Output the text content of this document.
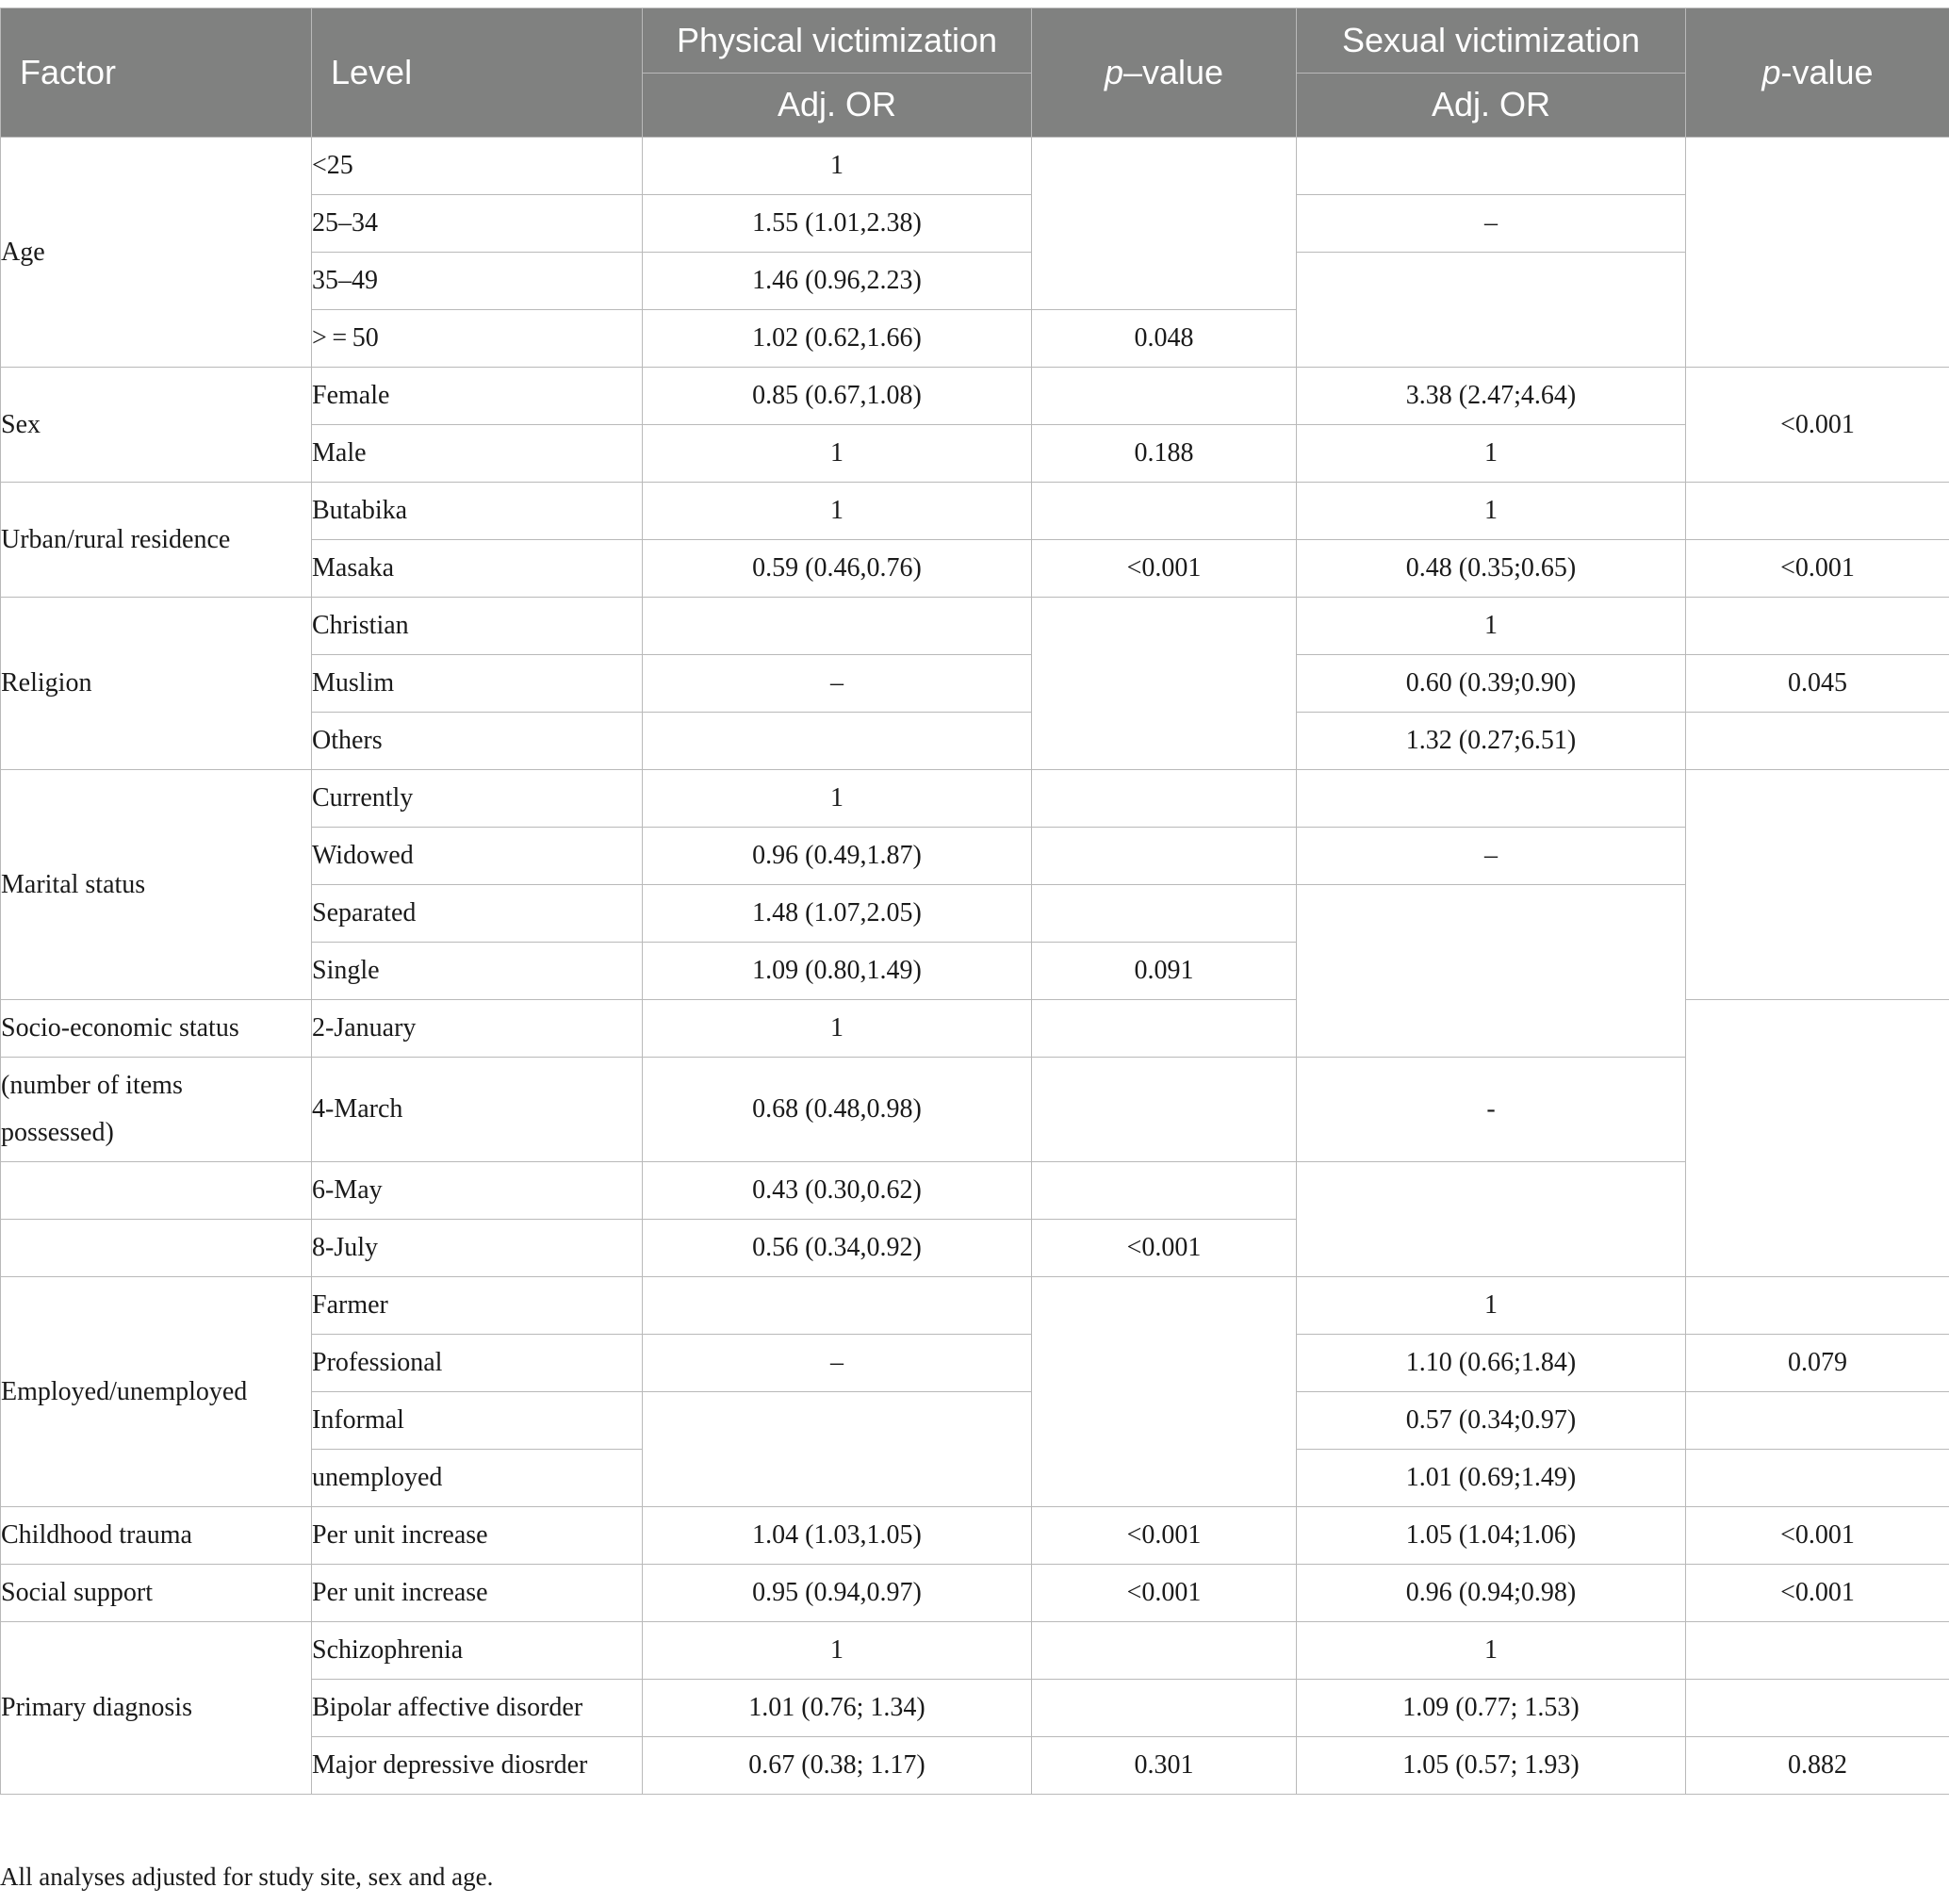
Factor	Level	Physical victimization	p–value	Sexual victimization	p-value
		Adj. OR		Adj. OR	
Age	<25	1			
	25–34	1.55 (1.01,2.38)		–	
	35–49	1.46 (0.96,2.23)			
	> = 50	1.02 (0.62,1.66)	0.048		
Sex	Female	0.85 (0.67,1.08)		3.38 (2.47;4.64)	<0.001
	Male	1	0.188	1	
Urban/rural residence	Butabika	1		1	
	Masaka	0.59 (0.46,0.76)	<0.001	0.48 (0.35;0.65)	<0.001
Religion	Christian			1	
	Muslim	–		0.60 (0.39;0.90)	0.045
	Others			1.32 (0.27;6.51)	
Marital status	Currently	1			
	Widowed	0.96 (0.49,1.87)		–	
	Separated	1.48 (1.07,2.05)			
	Single	1.09 (0.80,1.49)	0.091		
Socio-economic status	2-January	1			

(number of items
possessed)	4-March	0.68 (0.48,0.98)		-	
	6-May	0.43 (0.30,0.62)			
	8-July	0.56 (0.34,0.92)	<0.001		
Employed/unemployed	Farmer			1	
	Professional	–		1.10 (0.66;1.84)	0.079
	Informal			0.57 (0.34;0.97)	
	unemployed			1.01 (0.69;1.49)	
Childhood trauma	Per unit increase	1.04 (1.03,1.05)	<0.001	1.05 (1.04;1.06)	<0.001
Social support	Per unit increase	0.95 (0.94,0.97)	<0.001	0.96 (0.94;0.98)	<0.001
Primary diagnosis	Schizophrenia	1		1	
	Bipolar affective disorder	1.01 (0.76; 1.34)		1.09 (0.77; 1.53)	
	Major depressive diosrder	0.67 (0.38; 1.17)	0.301	1.05 (0.57; 1.93)	0.882
All analyses adjusted for study site, sex and age.
